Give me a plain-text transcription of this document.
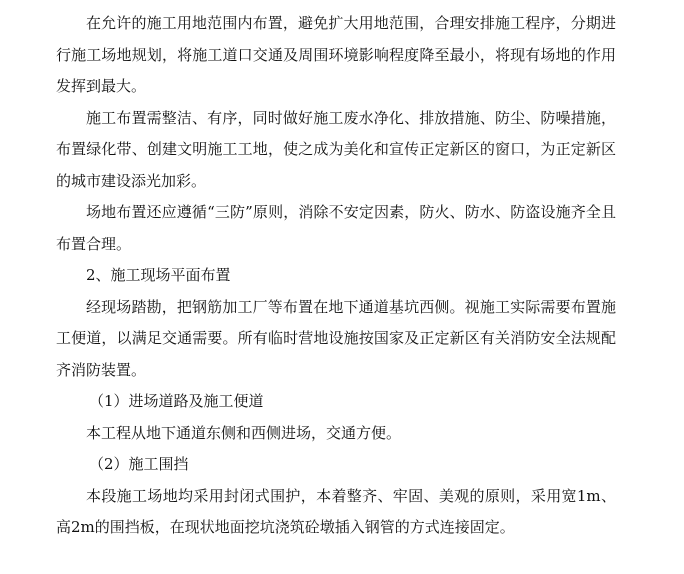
在允许的施工用地范围内布置，避免扩大用地范围，合理安排施工程序，分期进行施工场地规划，将施工道口交通及周围环境影响程度降至最小，将现有场地的作用发挥到最大。

施工布置需整洁、有序，同时做好施工废水净化、排放措施、防尘、防噪措施，布置绿化带、创建文明施工工地，使之成为美化和宣传正定新区的窗口，为正定新区的城市建设添光加彩。

场地布置还应遵循“三防”原则，消除不安定因素，防火、防水、防盗设施齐全且布置合理。

2、施工现场平面布置

经现场踏勘，把钢筋加工厂等布置在地下通道基坑西侧。视施工实际需要布置施工便道，以满足交通需要。所有临时营地设施按国家及正定新区有关消防安全法规配齐消防装置。

（1）进场道路及施工便道

本工程从地下通道东侧和西侧进场，交通方便。

（2）施工围挡

本段施工场地均采用封闭式围护，本着整齐、牢固、美观的原则，采用宽1m、高2m的围挡板，在现状地面挖坑浇筑砼墩插入钢管的方式连接固定。
